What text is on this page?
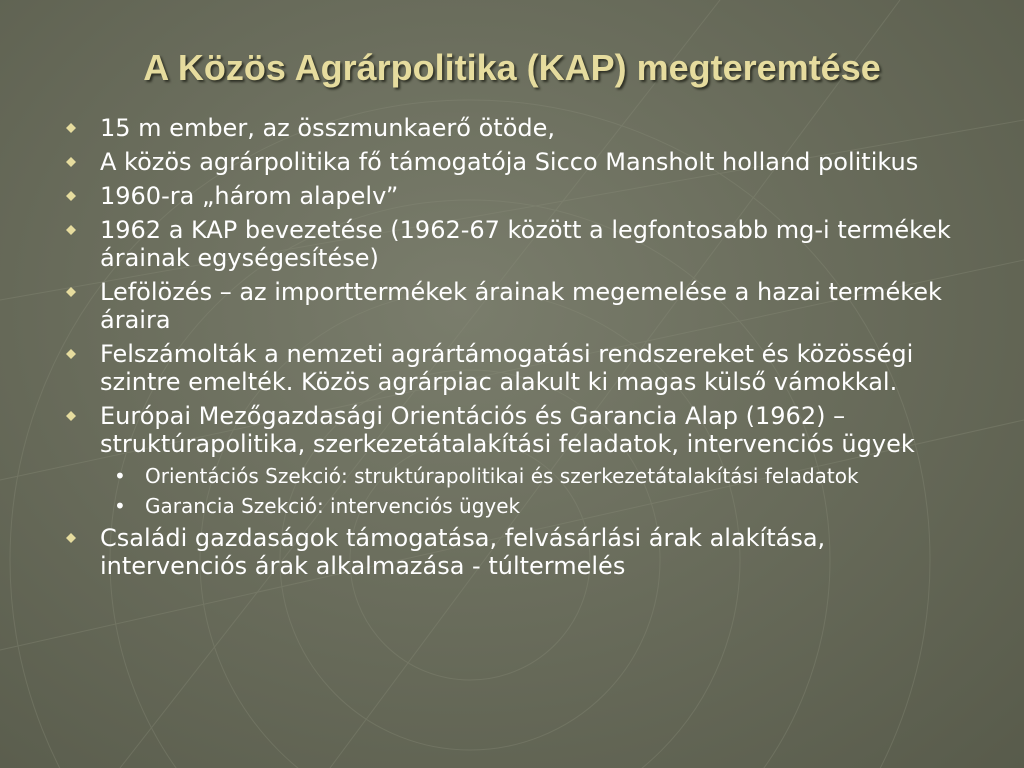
A Közös Agrárpolitika (KAP) megteremtése
15 m ember, az összmunkaerő ötöde,
A közös agrárpolitika fő támogatója Sicco Mansholt holland politikus
1960-ra „három alapelv”
1962 a KAP bevezetése (1962-67 között a legfontosabb mg-i termékek árainak egységesítése)
Lefölözés – az importtermékek árainak megemelése a hazai termékek áraira
Felszámolták a nemzeti agrártámogatási rendszereket és közösségi szintre emelték. Közös agrárpiac alakult ki magas külső vámokkal.
Európai Mezőgazdasági Orientációs és Garancia Alap (1962) – struktúrapolitika, szerkezetátalakítási feladatok, intervenciós ügyek
• Orientációs Szekció: struktúrapolitikai és szerkezetátalakítási feladatok
• Garancia Szekció: intervenciós ügyek
Családi gazdaságok támogatása, felvásárlási árak alakítása, intervenciós árak alkalmazása - túltermelés
